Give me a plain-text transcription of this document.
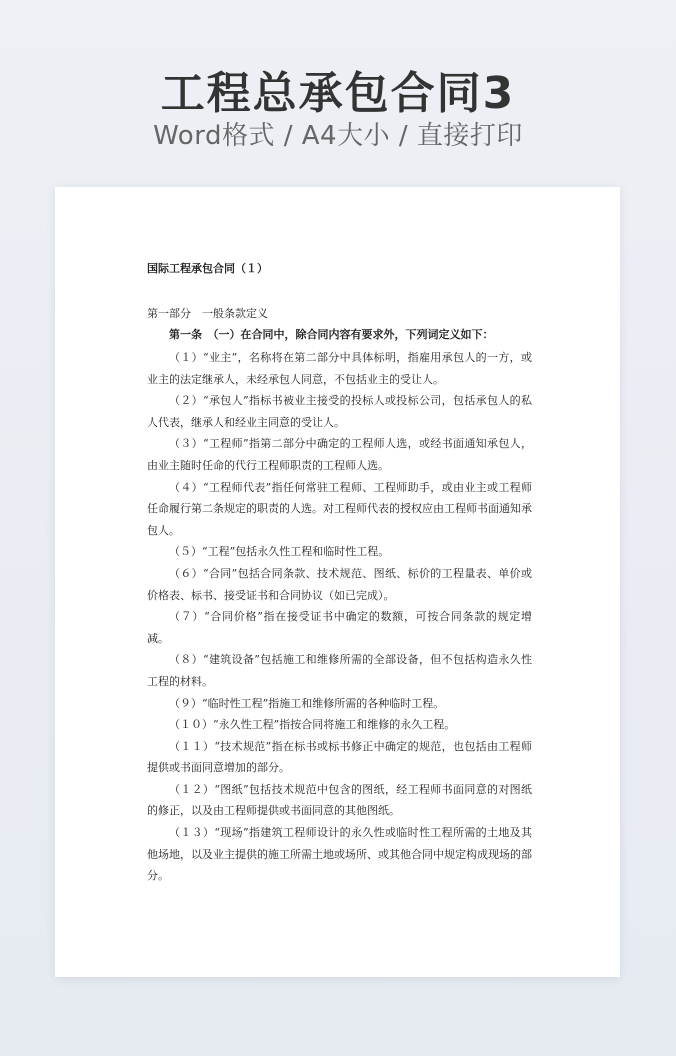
工程总承包合同3
Word格式 / A4大小 / 直接打印

国际工程承包合同（１）

第一部分　一般条款定义

第一条　（一）在合同中，除合同内容有要求外，下列词定义如下：

（１）“业主”，名称将在第二部分中具体标明，指雇用承包人的一方，或业主的法定继承人，未经承包人同意，不包括业主的受让人。

（２）“承包人”指标书被业主接受的投标人或投标公司，包括承包人的私人代表，继承人和经业主同意的受让人。

（３）“工程师”指第二部分中确定的工程师人选，或经书面通知承包人，由业主随时任命的代行工程师职责的工程师人选。

（４）“工程师代表”指任何常驻工程师、工程师助手，或由业主或工程师任命履行第二条规定的职责的人选。对工程师代表的授权应由工程师书面通知承包人。

（５）“工程”包括永久性工程和临时性工程。

（６）“合同”包括合同条款、技术规范、图纸、标价的工程量表、单价或价格表、标书、接受证书和合同协议（如已完成）。

（７）“合同价格”指在接受证书中确定的数额，可按合同条款的规定增减。

（８）“建筑设备”包括施工和维修所需的全部设备，但不包括构造永久性工程的材料。

（９）“临时性工程”指施工和维修所需的各种临时工程。

（１０）“永久性工程”指按合同将施工和维修的永久工程。

（１１）“技术规范”指在标书或标书修正中确定的规范，也包括由工程师提供或书面同意增加的部分。

（１２）“图纸”包括技术规范中包含的图纸，经工程师书面同意的对图纸的修正，以及由工程师提供或书面同意的其他图纸。

（１３）“现场”指建筑工程师设计的永久性或临时性工程所需的土地及其他场地，以及业主提供的施工所需土地或场所、或其他合同中规定构成现场的部分。
